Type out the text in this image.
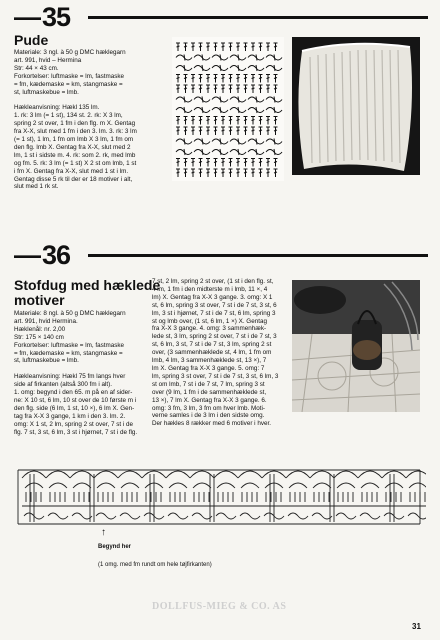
— 35
Pude
Materiale: 3 ngl. à 50 g DMC hæklegarn
art. 991, hvid – Hermina
Str: 44 × 43 cm.
Forkortelser: luftmaske = lm, fastmaske
= fm, kædemaske = km, stangmaske =
st, luftmaskebue = lmb.

Hækleanvisning: Hækl 135 lm.
1. rk: 3 lm (= 1 st), 134 st. 2. rk: X 3 lm,
spring 2 st over, 1 fm i den flg. m X. Gentag
fra X-X, slut med 1 fm i den 3. lm. 3. rk: 3 lm
(= 1 st), 1 lm, 1 fm om lmb X 3 lm, 1 fm om
den flg. lmb X. Gentag fra X-X, slut med 2
lm, 1 st i sidste m. 4. rk: som 2. rk, med lmb
og fm. 5. rk: 3 lm (= 1 st) X 2 st om lmb, 1 st
i fm X. Gentag fra X-X, slut med 1 st i lm.
Gentag disse 5 rk til der er 18 motiver i alt,
slut med 1 rk st.
— 36
Stofdug med hæklede
motiver
Materiale: 8 ngl. à 50 g DMC hæklegarn
art. 991, hvid Hermina.
Hæklenål: nr. 2,00
Str: 175 × 140 cm
Forkortelser: luftmaske = lm, fastmaske
= fm, kædemaske = km, stangmaske =
st, luftmaskebue = lmb.

Hækleanvisning: Hækl 75 fm langs hver
side af firkanten (altså 300 fm i alt).
1. omg: begynd i den 65. m på en af sider-
ne: X 10 st, 6 lm, 10 st over de 10 første m i
den flg. side (6 lm, 1 st, 10 ×), 6 lm X. Gen-
tag fra X-X 3 gange, 1 km i den 3. lm. 2.
omg: X 1 st, 2 lm, spring 2 st over, 7 st i de
flg. 7 st, 3 st, 6 lm, 3 st i hjørnet, 7 st i de flg.
7 st, 2 lm, spring 2 st over, (1 st i den flg. st,
4 lm, 1 fm i den midterste m i lmb, 11 ×, 4
lm) X. Gentag fra X-X 3 gange. 3. omg: X 1
st, 6 lm, spring 3 st over, 7 st i de 7 st, 3 st, 6
lm, 3 st i hjørnet, 7 st i de 7 st, 6 lm, spring 3
st og lmb over, (1 st, 6 lm, 1 ×) X. Gentag
fra X-X 3 gange. 4. omg: 3 sammenhæk-
lede st, 3 lm, spring 2 st over, 7 st i de 7 st, 3
st, 6 lm, 3 st, 7 st i de 7 st, 3 lm, spring 2 st
over, (3 sammenhæklede st, 4 lm, 1 fm om
lmb, 4 lm, 3 sammenhæklede st, 13 ×), 7
lm X. Gentag fra X-X 3 gange. 5. omg: 7
lm, spring 3 st over, 7 st i de 7 st, 3 st, 6 lm, 3
st om lmb, 7 st i de 7 st, 7 lm, spring 3 st
over (9 lm, 1 fm i de sammenhæklede st,
13 ×), 7 lm X. Gentag fra X-X 3 gange. 6.
omg: 3 fm, 3 lm, 3 fm om hver lmb. Moti-
verne samles i de 3 lm i den sidste omg.
Der hækles 8 rækker med 6 motiver i hver.
↑
Begynd her
(1 omg. med fm rundt om hele tøjfirkanten)
DOLLFUS-MIEG & CO. AS
31
